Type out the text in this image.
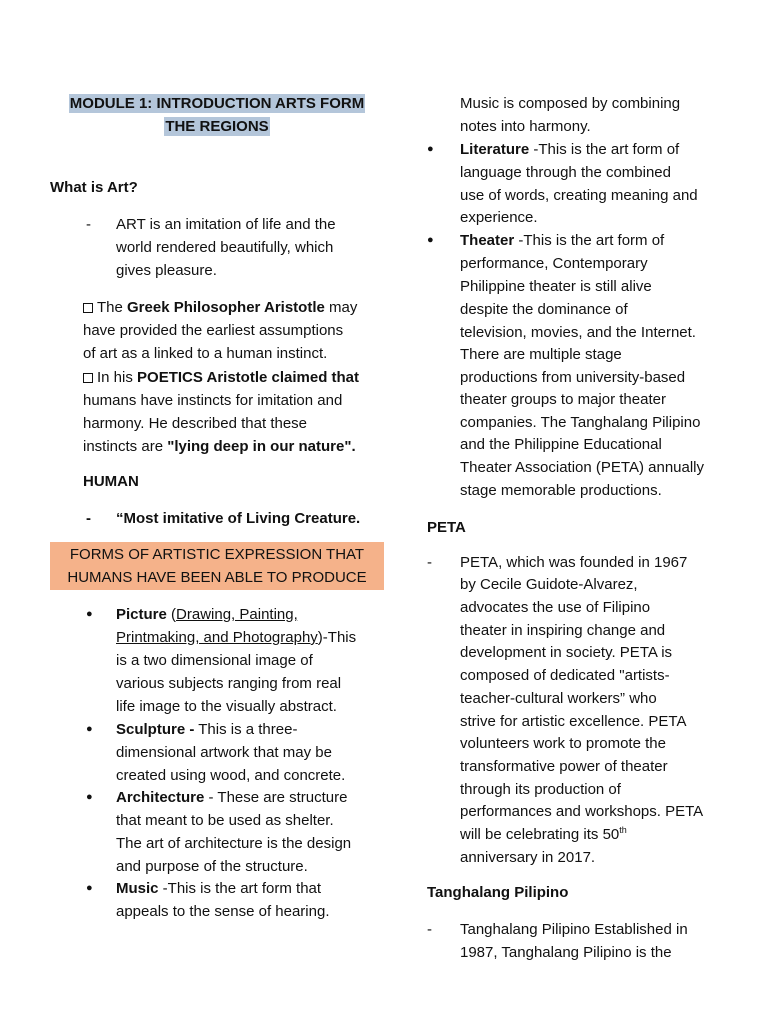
MODULE 1: INTRODUCTION ARTS FORM
THE REGIONS
What is Art?
- ART is an imitation of life and the
world rendered beautifully, which
gives pleasure.
The Greek Philosopher Aristotle may
have provided the earliest assumptions
of art as a linked to a human instinct.
In his POETICS Aristotle claimed that
humans have instincts for imitation and
harmony. He described that these
instincts are "lying deep in our nature".
HUMAN
- “Most imitative of Living Creature.
FORMS OF ARTISTIC EXPRESSION THAT
HUMANS HAVE BEEN ABLE TO PRODUCE
● Picture (Drawing, Painting,
Printmaking, and Photography)-This
is a two dimensional image of
various subjects ranging from real
life image to the visually abstract.
● Sculpture - This is a three-
dimensional artwork that may be
created using wood, and concrete.
● Architecture - These are structure
that meant to be used as shelter.
The art of architecture is the design
and purpose of the structure.
● Music -This is the art form that
appeals to the sense of hearing.
Music is composed by combining
notes into harmony.
● Literature -This is the art form of
language through the combined
use of words, creating meaning and
experience.
● Theater -This is the art form of
performance, Contemporary
Philippine theater is still alive
despite the dominance of
television, movies, and the Internet.
There are multiple stage
productions from university-based
theater groups to major theater
companies. The Tanghalang Pilipino
and the Philippine Educational
Theater Association (PETA) annually
stage memorable productions.
PETA
- PETA, which was founded in 1967
by Cecile Guidote-Alvarez,
advocates the use of Filipino
theater in inspiring change and
development in society. PETA is
composed of dedicated "artists-
teacher-cultural workers” who
strive for artistic excellence. PETA
volunteers work to promote the
transformative power of theater
through its production of
performances and workshops. PETA
will be celebrating its 50th
anniversary in 2017.
Tanghalang Pilipino
- Tanghalang Pilipino Established in
1987, Tanghalang Pilipino is the
